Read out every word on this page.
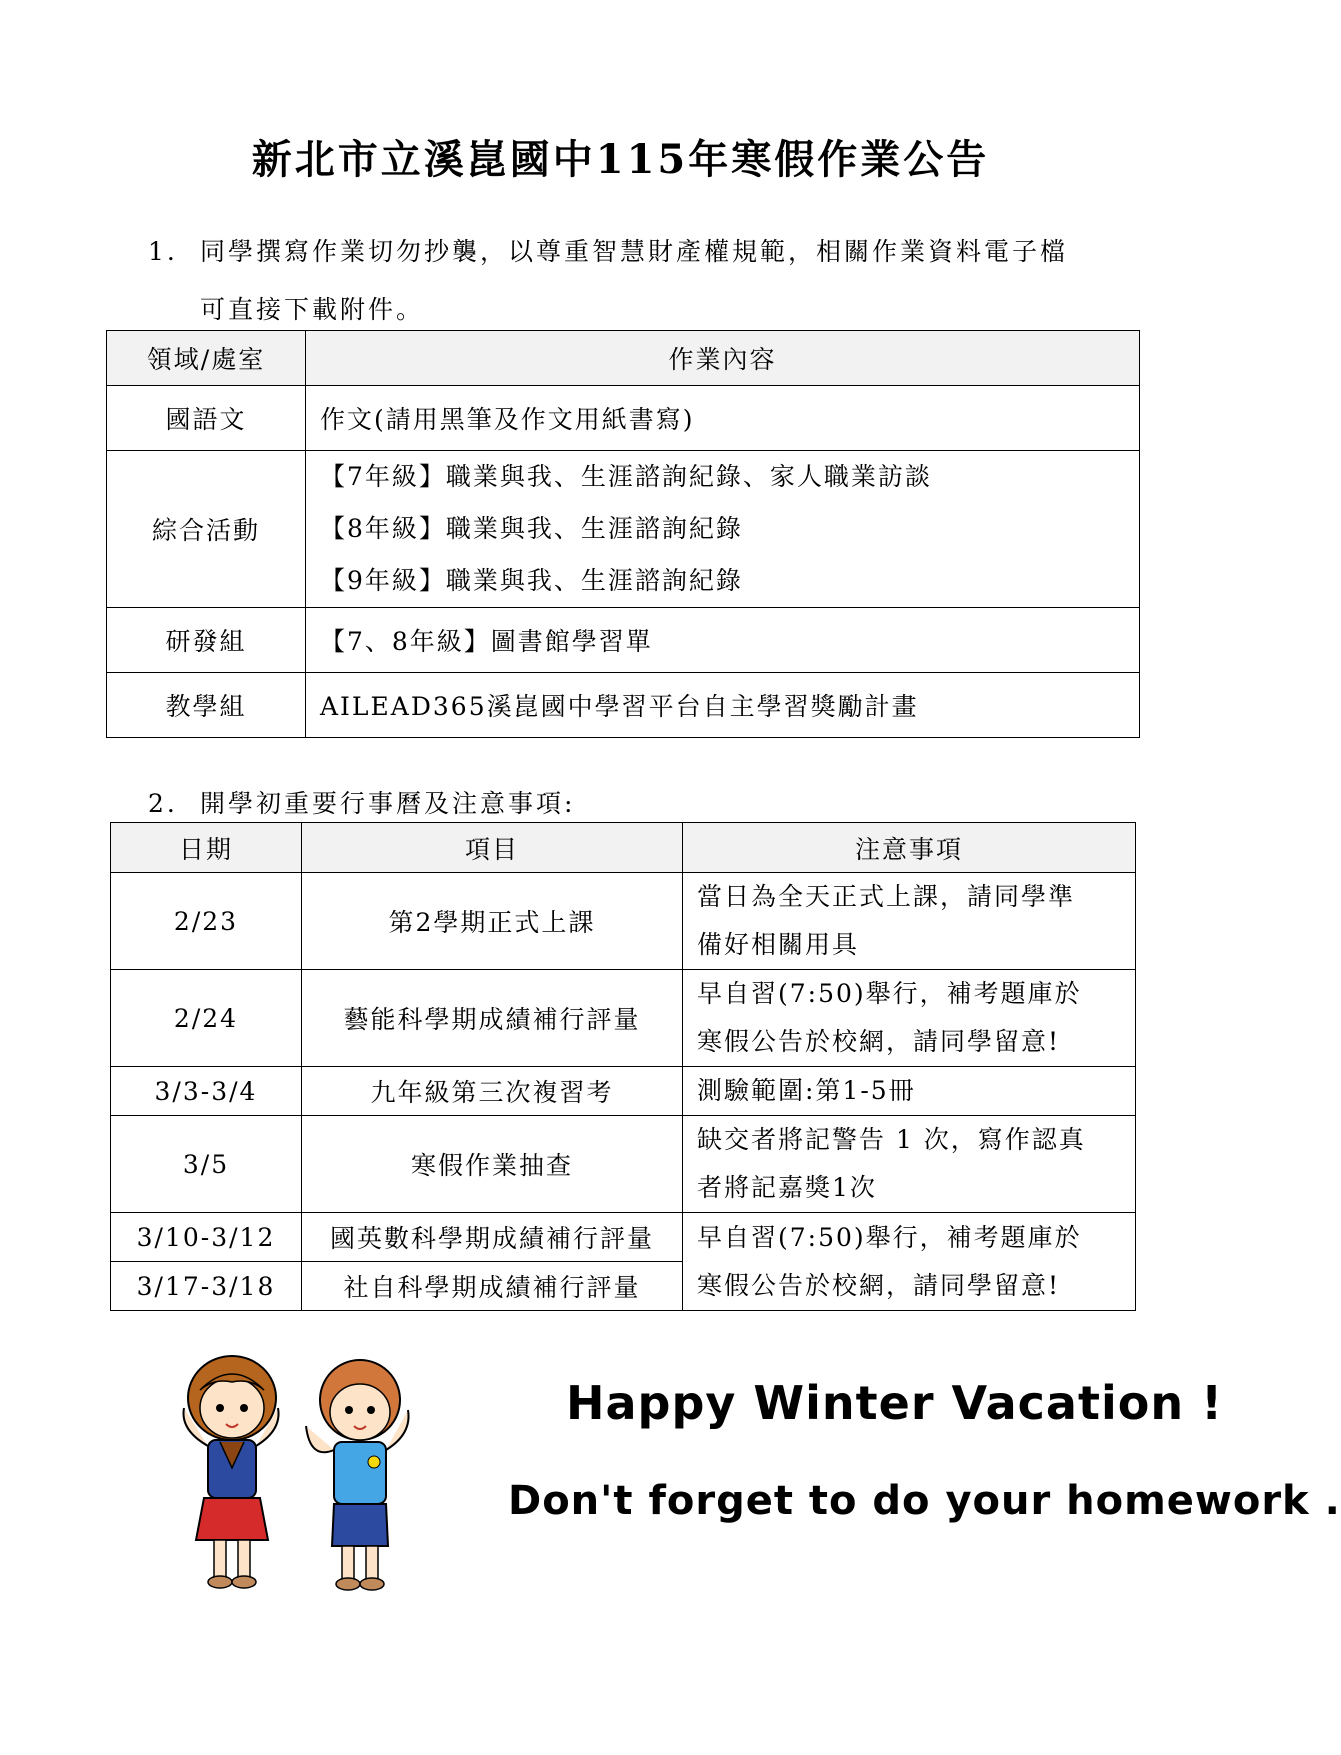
新北市立溪崑國中115年寒假作業公告
1. 同學撰寫作業切勿抄襲，以尊重智慧財產權規範，相關作業資料電子檔
可直接下載附件。
領域/處室	作業內容
國語文	作文(請用黑筆及作文用紙書寫)
綜合活動	【7年級】職業與我、生涯諮詢紀錄、家人職業訪談
【8年級】職業與我、生涯諮詢紀錄
【9年級】職業與我、生涯諮詢紀錄

研發組	【7、8年級】圖書館學習單
教學組	AILEAD365溪崑國中學習平台自主學習獎勵計畫
2. 開學初重要行事曆及注意事項:
日期	項目	注意事項
2/23	第2學期正式上課	當日為全天正式上課，請同學準
備好相關用具

2/24	藝能科學期成績補行評量	早自習(7:50)舉行，補考題庫於
寒假公告於校網，請同學留意!

3/3-3/4	九年級第三次複習考	測驗範圍:第1-5冊
3/5	寒假作業抽查	缺交者將記警告 1 次，寫作認真
者將記嘉獎1次

3/10-3/12	國英數科學期成績補行評量	早自習(7:50)舉行，補考題庫於
寒假公告於校網，請同學留意!

3/17-3/18	社自科學期成績補行評量	
Happy Winter Vacation !
Don't forget to do your homework .
